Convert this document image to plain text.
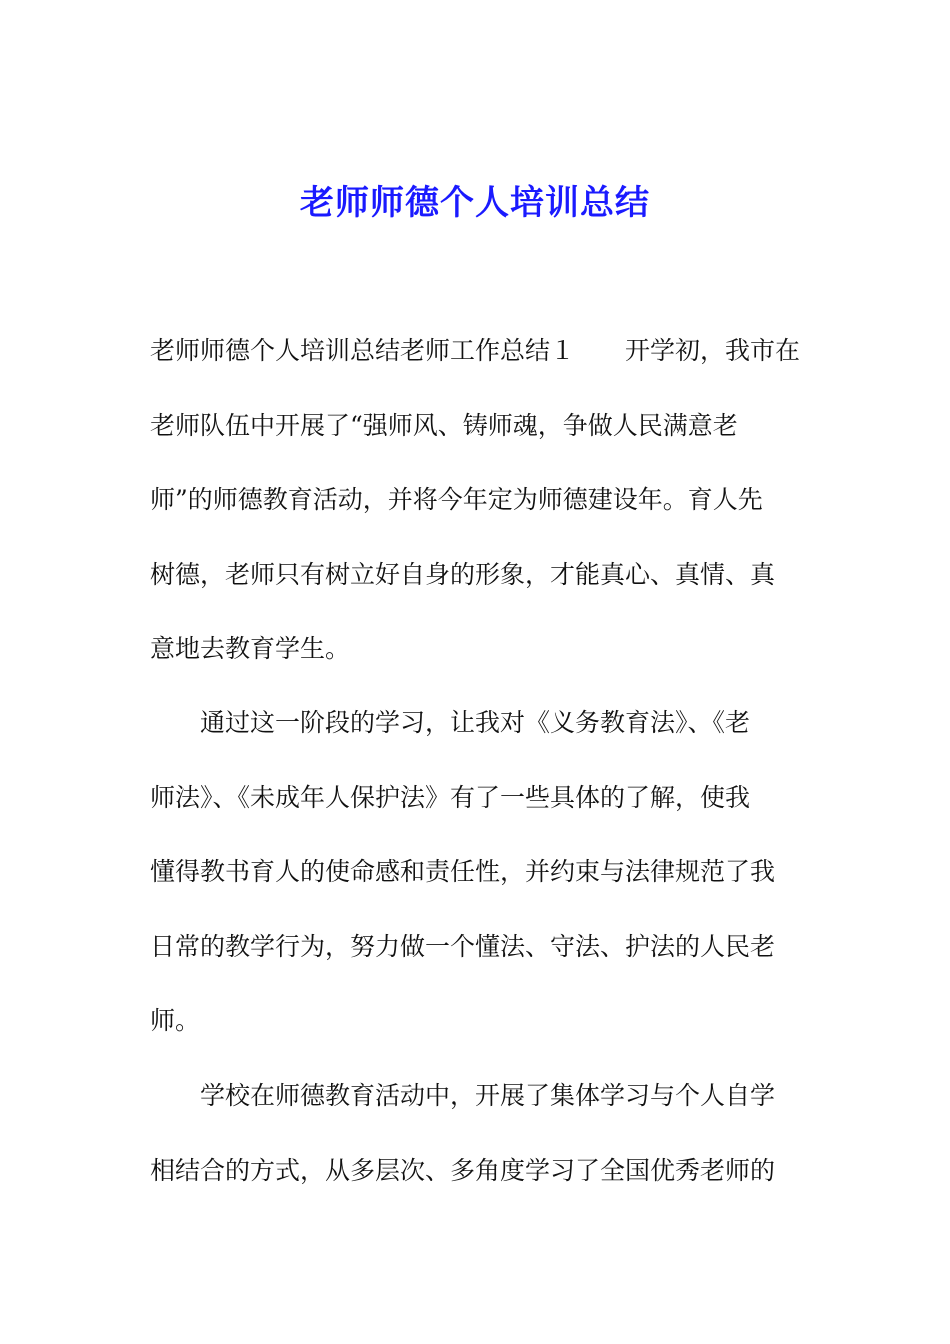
老师师德个人培训总结
老师师德个人培训总结老师工作总结１ 开学初，我市在
老师队伍中开展了“强师风、铸师魂，争做人民满意老
师”的师德教育活动，并将今年定为师德建设年。育人先
树德，老师只有树立好自身的形象，才能真心、真情、真
意地去教育学生。
通过这一阶段的学习，让我对《义务教育法》、《老
师法》、《未成年人保护法》有了一些具体的了解，使我
懂得教书育人的使命感和责任性，并约束与法律规范了我
日常的教学行为，努力做一个懂法、守法、护法的人民老
师。
学校在师德教育活动中，开展了集体学习与个人自学
相结合的方式，从多层次、多角度学习了全国优秀老师的
